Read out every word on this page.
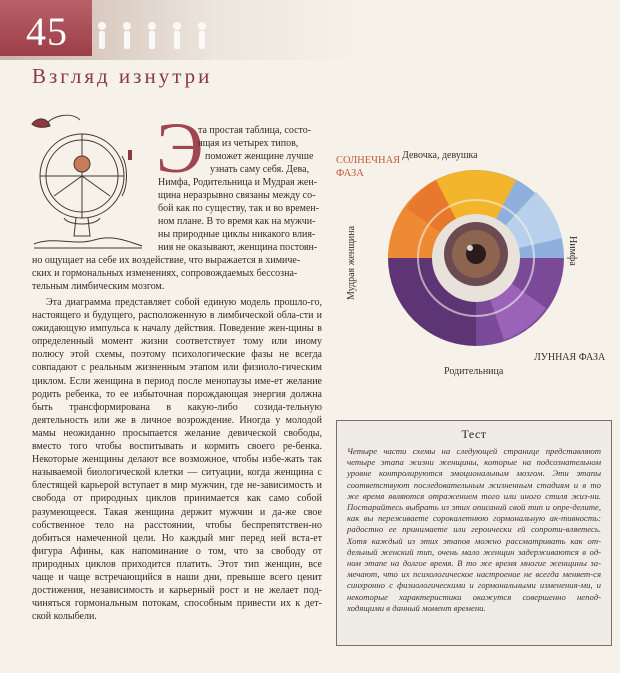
45
Взгляд изнутри
Э
та простая таблица, состо-
ящая из четырех типов,
поможет женщине лучше
узнать саму себя. Дева,
Нимфа, Родительница и Мудрая жен-
щина неразрывно связаны между со-
бой как по существу, так и во времен-
ном плане. В то время как на мужчи-
ны природные циклы никакого влия-
ния не оказывают, женщина постоян-
но ощущает на себе их воздействие, что выражается в химиче-
ских и гормональных изменениях, сопровождаемых бессозна-
тельным лимбическим мозгом.

Эта диаграмма представляет собой единую модель прошло-го, настоящего и будущего, расположенную в лимбической обла-сти и ожидающую импульса к началу действия. Поведение жен-щины в определенный момент жизни соответствует тому или иному полюсу этой схемы, поэтому психологические фазы не всегда совпадают с реальным жизненным этапом или физиоло-гическим циклом. Если женщина в период после менопаузы име-ет желание родить ребенка, то ее избыточная порождающая энергия должна быть трансформирована в какую-либо созида-тельную деятельность или же в личное возрождение. Иногда у молодой мамы неожиданно просыпается желание девической свободы, вместо того чтобы воспитывать и кормить своего ре-бенка. Некоторые женщины делают все возможное, чтобы избе-жать так называемой биологической клетки — ситуации, когда женщина с блестящей карьерой вступает в мир мужчин, где не-зависимость и свобода от природных циклов принимается как само собой разумеющееся. Такая женщина держит мужчин и да-же свое собственное тело на расстоянии, чтобы беспрепятствен-но добиться намеченной цели. Но каждый миг перед ней вста-ет фигура Афины, как напоминание о том, что за свободу от природных циклов приходится платить. Этот тип женщин, все чаще и чаще встречающийся в наши дни, превыше всего ценит достижения, независимость и карьерный рост и не желает под-чиняться гормональным потокам, способным привести их к дет-ской колыбели.

СОЛНЕЧНАЯ
ФАЗА
Девочка, девушка
Нимфа
Мудрая женщина
ЛУННАЯ ФАЗА
Родительница
Тест

Четыре части схемы на следующей странице представляют четыре этапа жизни женщины, которые на подсознательном уровне контролируются эмоциональным мозгом. Эти этапы соответствуют последовательным жизненным стадиям и в то же время являются отражением того или иного стиля жиз-ни. Постарайтесь выбрать из этих описаний свой тип и опре-делите, как вы переживаете сорокалетнюю гормональную ак-тивность: радостно ее принимаете или героически ей сопроти-вляетесь. Хотя каждый из этих этапов можно рассматривать как от-дельный женский тип, очень мало женщин задерживаются в од-ном этапе на долгое время. В то же время многие женщины за-мечают, что их психологическое настроение не всегда меняет-ся синхронно с физиологическими и гормональными изменения-ми, и некоторые характеристики окажутся совершенно непод-ходящими в данный момент времени.
